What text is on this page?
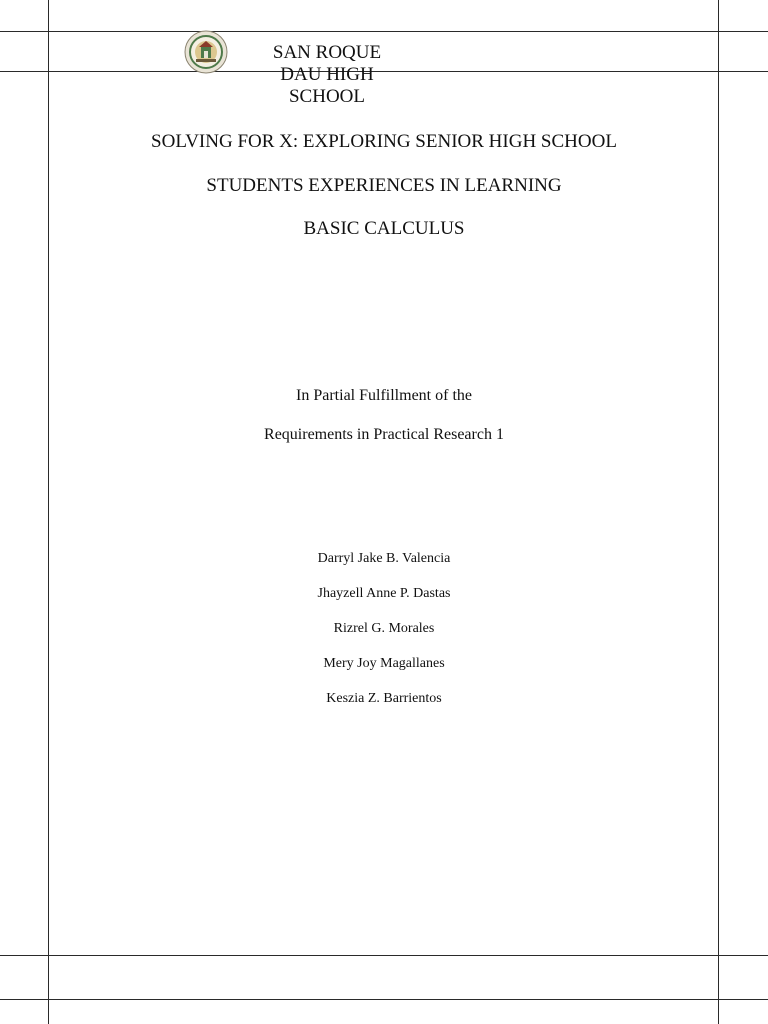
SAN ROQUE DAU HIGH SCHOOL
SOLVING FOR X: EXPLORING SENIOR HIGH SCHOOL
STUDENTS EXPERIENCES IN LEARNING
BASIC CALCULUS
In Partial Fulfillment of the
Requirements in Practical Research 1
Darryl Jake B. Valencia
Jhayzell Anne P. Dastas
Rizrel G. Morales
Mery Joy Magallanes
Keszia Z. Barrientos
